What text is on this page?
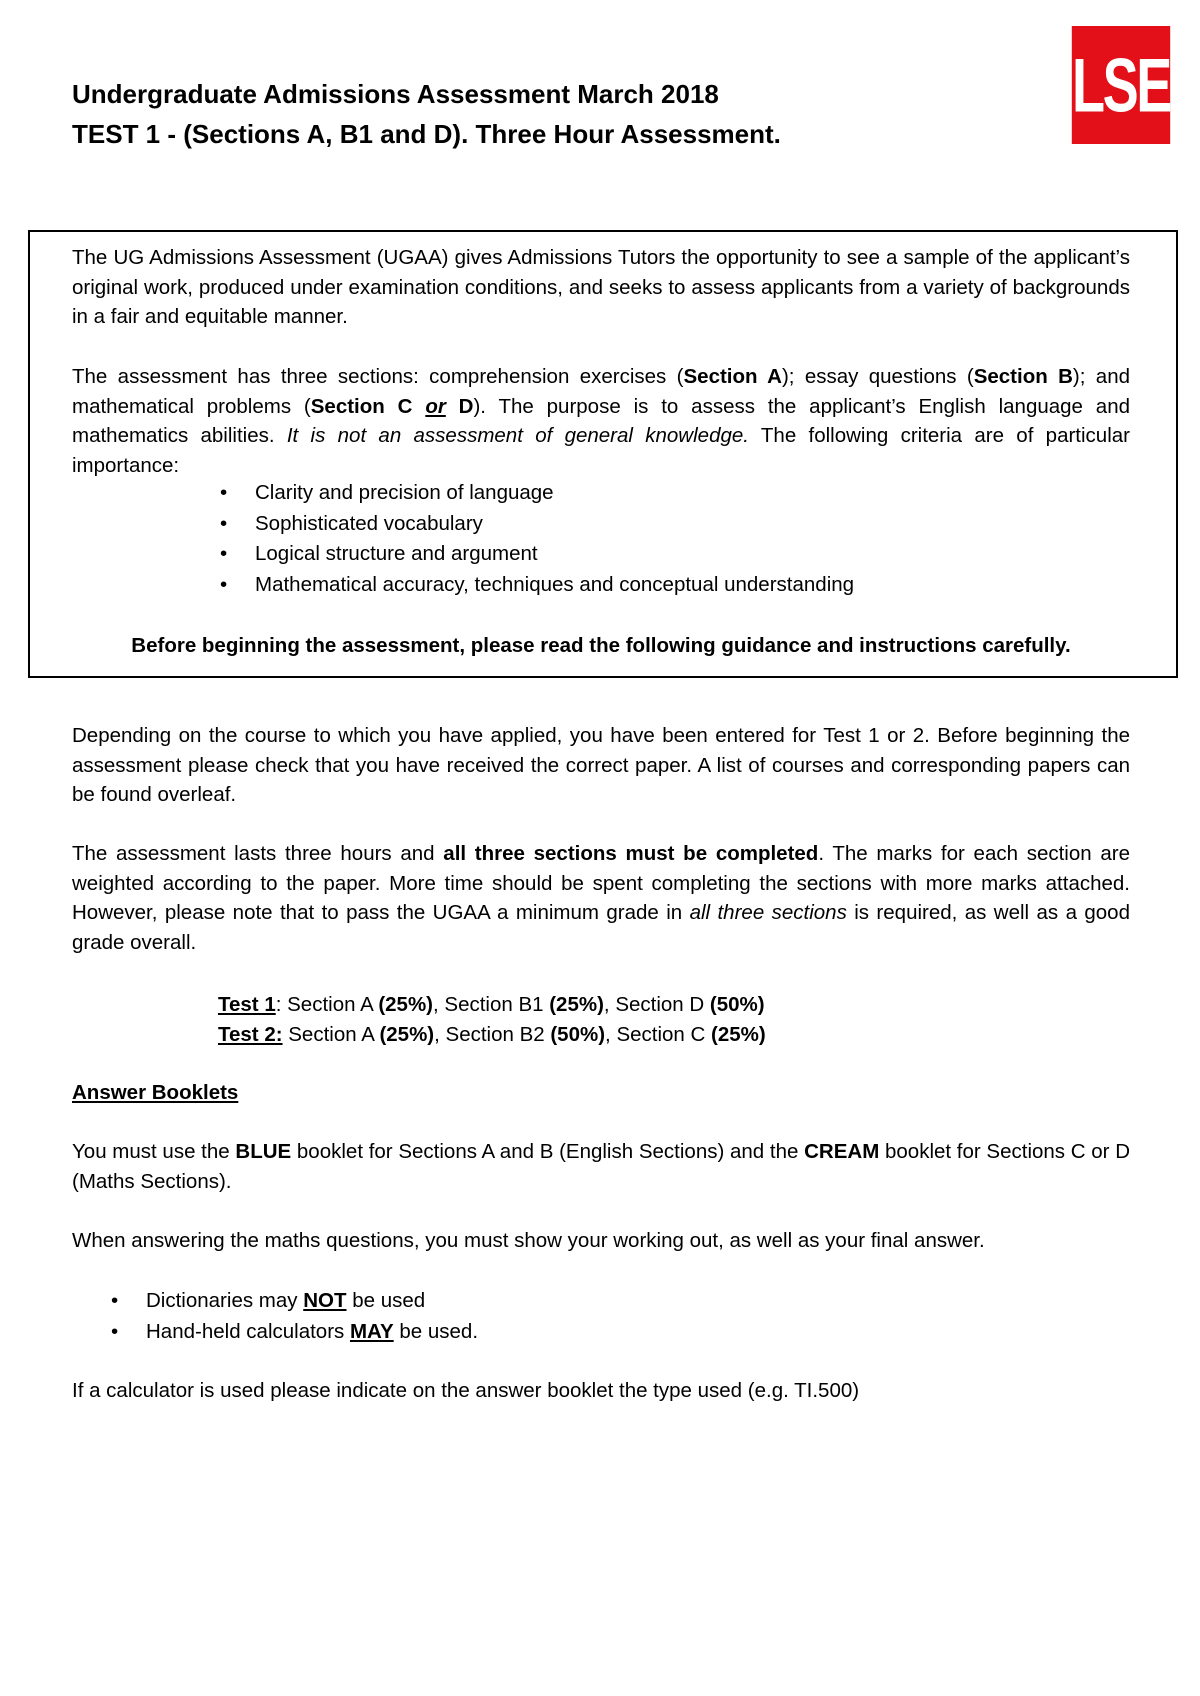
Undergraduate Admissions Assessment March 2018
TEST 1 - (Sections A, B1 and D). Three Hour Assessment.
LSE

The UG Admissions Assessment (UGAA) gives Admissions Tutors the opportunity to see a sample of the applicant’s original work, produced under examination conditions, and seeks to assess applicants from a variety of backgrounds in a fair and equitable manner.

The assessment has three sections: comprehension exercises (Section A); essay questions (Section B); and mathematical problems (Section C or D). The purpose is to assess the applicant’s English language and mathematics abilities. It is not an assessment of general knowledge. The following criteria are of particular importance:

• Clarity and precision of language
• Sophisticated vocabulary
• Logical structure and argument
• Mathematical accuracy, techniques and conceptual understanding
Before beginning the assessment, please read the following guidance and instructions carefully.

Depending on the course to which you have applied, you have been entered for Test 1 or 2. Before beginning the assessment please check that you have received the correct paper. A list of courses and corresponding papers can be found overleaf.

The assessment lasts three hours and all three sections must be completed. The marks for each section are weighted according to the paper. More time should be spent completing the sections with more marks attached. However, please note that to pass the UGAA a minimum grade in all three sections is required, as well as a good grade overall.

Test 1: Section A (25%), Section B1 (25%), Section D (50%)
Test 2: Section A (25%), Section B2 (50%), Section C (25%)
Answer Booklets

You must use the BLUE booklet for Sections A and B (English Sections) and the CREAM booklet for Sections C or D (Maths Sections).

When answering the maths questions, you must show your working out, as well as your final answer.

• Dictionaries may NOT be used
• Hand-held calculators MAY be used.

If a calculator is used please indicate on the answer booklet the type used (e.g. TI.500)
